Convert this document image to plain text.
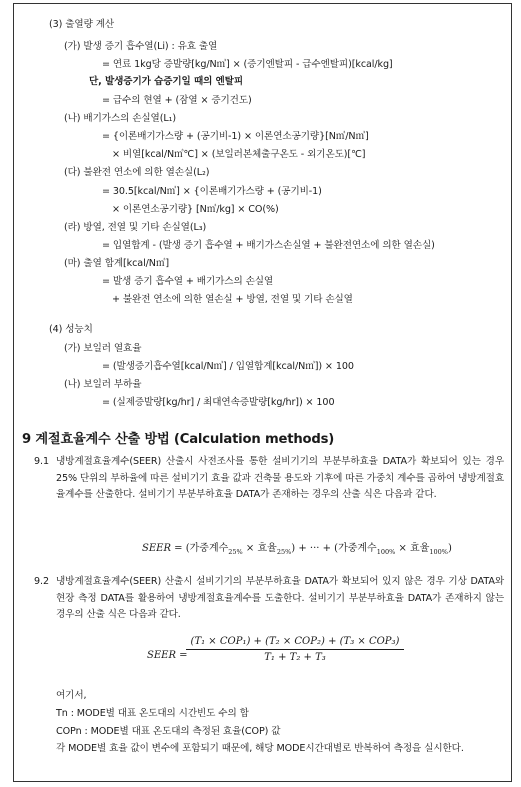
(3) 출열량 계산
(가) 발생 증기 흡수열(Li) : 유효 출열
= 연료 1kg당 증발량[kg/N㎥] × (증기엔탈피 - 급수엔탈피)[kcal/kg]
단, 발생증기가 습증기일 때의 엔탈피
= 급수의 현열 + (잠열 × 증기건도)
(나) 배기가스의 손실열(L₁)
= {이론배기가스량 + (공기비-1) × 이론연소공기량}[N㎥/N㎥]
× 비열[kcal/N㎥℃] × (보일러본체출구온도 - 외기온도)[℃]
(다) 불완전 연소에 의한 열손실(L₂)
= 30.5[kcal/N㎥] × {이론배기가스량 + (공기비-1)
× 이론연소공기량} [N㎥/kg] × CO(%)
(라) 방열, 전열 및 기타 손실열(L₃)
= 입열합계 - (발생 증기 흡수열 + 배기가스손실열 + 불완전연소에 의한 열손실)
(마) 출열 합계[kcal/N㎥]
= 발생 증기 흡수열 + 배기가스의 손실열
+ 불완전 연소에 의한 열손실 + 방열, 전열 및 기타 손실열
(4) 성능치
(가) 보일러 열효율
= (발생증기흡수열[kcal/N㎥] / 입열합계[kcal/N㎥]) × 100
(나) 보일러 부하율
= (실제증발량[kg/hr] / 최대연속증발량[kg/hr]) × 100
9 계절효율계수 산출 방법 (Calculation methods)
9.1 냉방계절효율계수(SEER) 산출시 사전조사를 통한 설비기기의 부분부하효율 DATA가 확보되어 있는 경우 25% 단위의 부하율에 따른 설비기기 효율 값과 건축물 용도와 기후에 따른 가중치 계수를 곱하여 냉방계절효율계수를 산출한다. 설비기기 부분부하효율 DATA가 존재하는 경우의 산출 식은 다음과 같다.
SEER = (가중계수$_{25\%}$ × 효율$_{25\%}$) + ··· + (가중계수$_{100\%}$ × 효율$_{100\%}$)
9.2 냉방계절효율계수(SEER) 산출시 설비기기의 부분부하효율 DATA가 확보되어 있지 않은 경우 기상 DATA와 현장 측정 DATA를 활용하여 냉방계절효율계수를 도출한다. 설비기기 부분부하효율 DATA가 존재하지 않는 경우의 산출 식은 다음과 같다.
SEER =
(T₁ × COP₁) + (T₂ × COP₂) + (T₃ × COP₃)
T₁ + T₂ + T₃
여기서,
Tn : MODE별 대표 온도대의 시간빈도 수의 합
COPn : MODE별 대표 온도대의 측정된 효율(COP) 값
각 MODE별 효율 값이 변수에 포함되기 때문에, 해당 MODE시간대별로 반복하여 측정을 실시한다.
